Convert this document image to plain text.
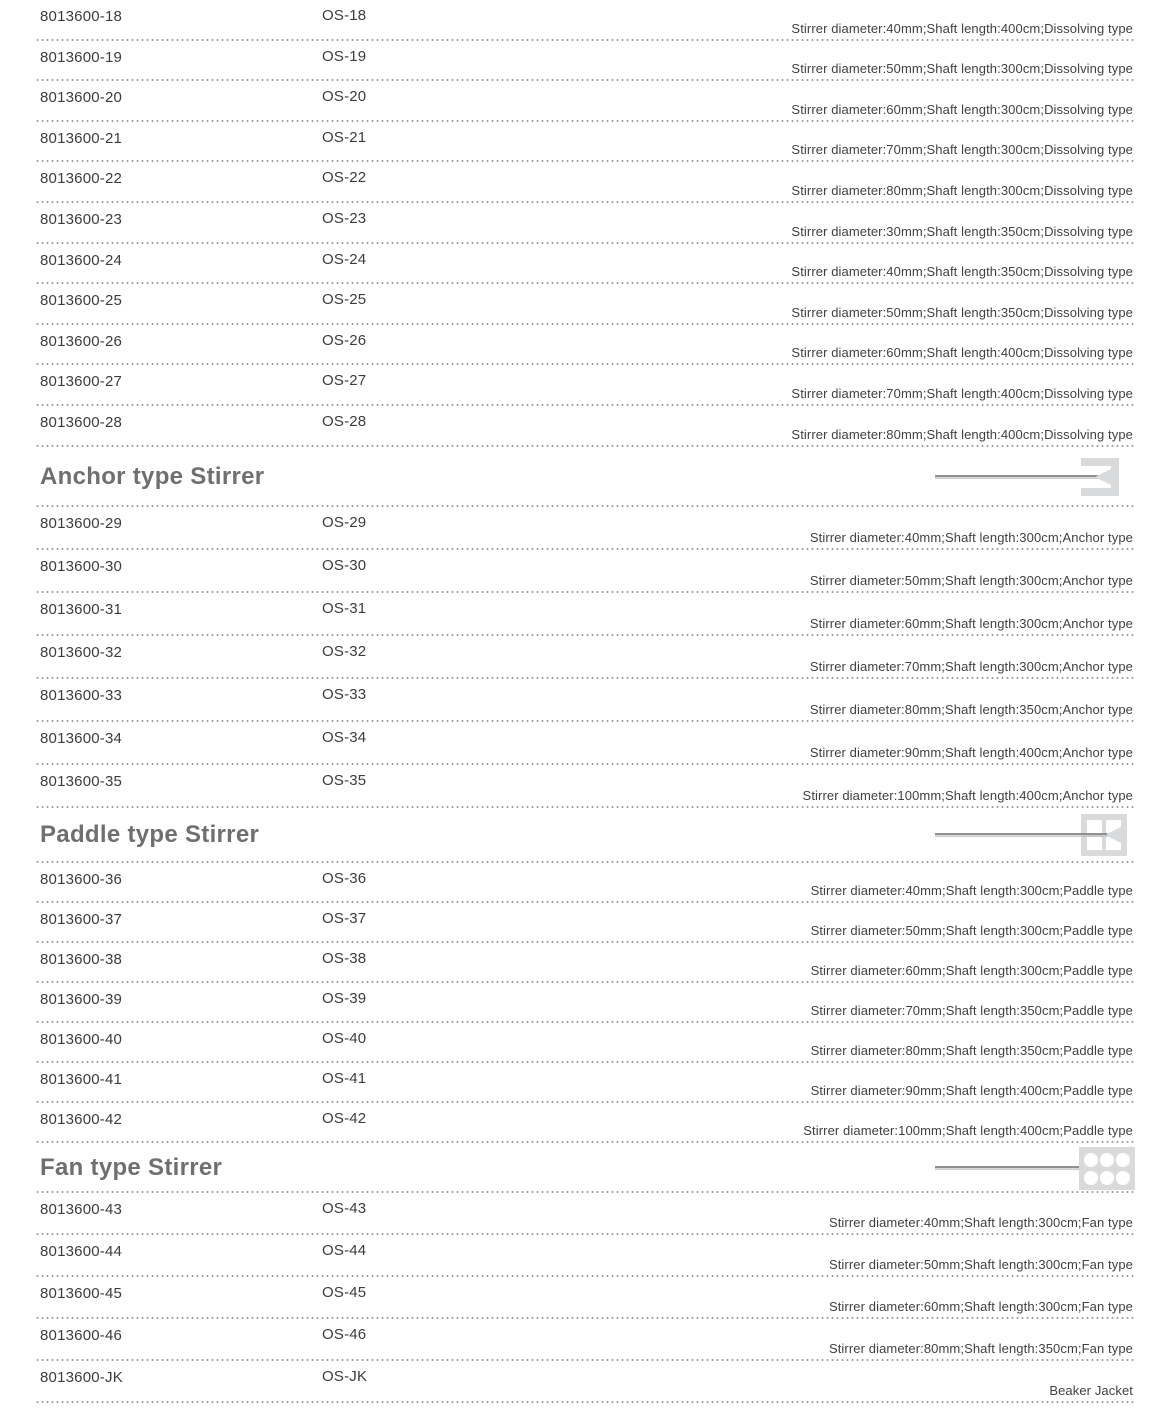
8013600-18	OS-18
Stirrer diameter:40mm;Shaft length:400cm;Dissolving type
8013600-19	OS-19
Stirrer diameter:50mm;Shaft length:300cm;Dissolving type
8013600-20	OS-20
Stirrer diameter:60mm;Shaft length:300cm;Dissolving type
8013600-21	OS-21
Stirrer diameter:70mm;Shaft length:300cm;Dissolving type
8013600-22	OS-22
Stirrer diameter:80mm;Shaft length:300cm;Dissolving type
8013600-23	OS-23
Stirrer diameter:30mm;Shaft length:350cm;Dissolving type
8013600-24	OS-24
Stirrer diameter:40mm;Shaft length:350cm;Dissolving type
8013600-25	OS-25
Stirrer diameter:50mm;Shaft length:350cm;Dissolving type
8013600-26	OS-26
Stirrer diameter:60mm;Shaft length:400cm;Dissolving type
8013600-27	OS-27
Stirrer diameter:70mm;Shaft length:400cm;Dissolving type
8013600-28	OS-28
Stirrer diameter:80mm;Shaft length:400cm;Dissolving type
Anchor type Stirrer
8013600-29	OS-29
Stirrer diameter:40mm;Shaft length:300cm;Anchor type
8013600-30	OS-30
Stirrer diameter:50mm;Shaft length:300cm;Anchor type
8013600-31	OS-31
Stirrer diameter:60mm;Shaft length:300cm;Anchor type
8013600-32	OS-32
Stirrer diameter:70mm;Shaft length:300cm;Anchor type
8013600-33	OS-33
Stirrer diameter:80mm;Shaft length:350cm;Anchor type
8013600-34	OS-34
Stirrer diameter:90mm;Shaft length:400cm;Anchor type
8013600-35	OS-35
Stirrer diameter:100mm;Shaft length:400cm;Anchor type
Paddle type Stirrer
8013600-36	OS-36
Stirrer diameter:40mm;Shaft length:300cm;Paddle type
8013600-37	OS-37
Stirrer diameter:50mm;Shaft length:300cm;Paddle type
8013600-38	OS-38
Stirrer diameter:60mm;Shaft length:300cm;Paddle type
8013600-39	OS-39
Stirrer diameter:70mm;Shaft length:350cm;Paddle type
8013600-40	OS-40
Stirrer diameter:80mm;Shaft length:350cm;Paddle type
8013600-41	OS-41
Stirrer diameter:90mm;Shaft length:400cm;Paddle type
8013600-42	OS-42
Stirrer diameter:100mm;Shaft length:400cm;Paddle type
Fan type Stirrer
8013600-43	OS-43
Stirrer diameter:40mm;Shaft length:300cm;Fan type
8013600-44	OS-44
Stirrer diameter:50mm;Shaft length:300cm;Fan type
8013600-45	OS-45
Stirrer diameter:60mm;Shaft length:300cm;Fan type
8013600-46	OS-46
Stirrer diameter:80mm;Shaft length:350cm;Fan type
8013600-JK	OS-JK
Beaker Jacket
